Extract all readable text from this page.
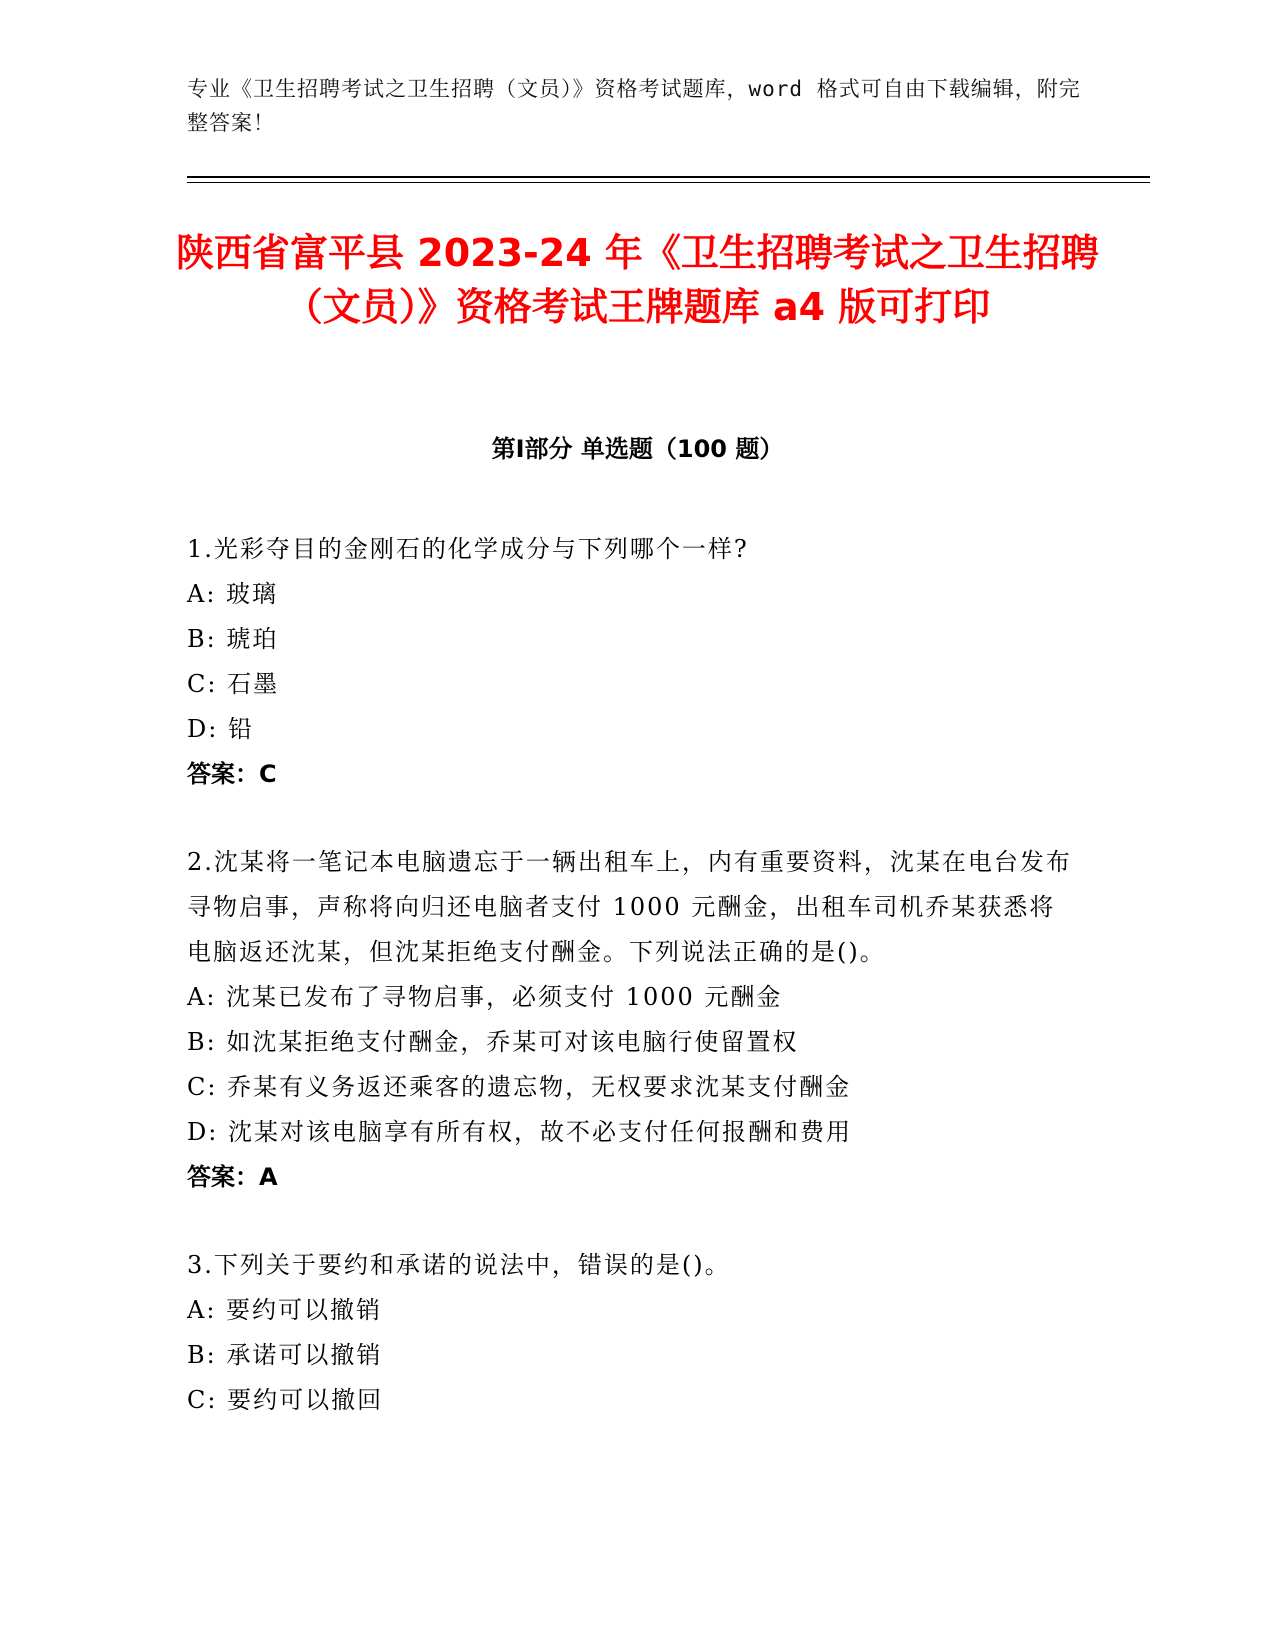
专业《卫生招聘考试之卫生招聘（文员）》资格考试题库，word 格式可自由下载编辑，附完整答案！
陕西省富平县 2023-24 年《卫生招聘考试之卫生招聘（文员）》资格考试王牌题库 a4 版可打印
第Ⅰ部分 单选题（100 题）

1.光彩夺目的金刚石的化学成分与下列哪个一样?

A: 玻璃

B: 琥珀

C: 石墨

D: 铅

答案：C

2.沈某将一笔记本电脑遗忘于一辆出租车上，内有重要资料，沈某在电台发布寻物启事，声称将向归还电脑者支付 1000 元酬金，出租车司机乔某获悉将电脑返还沈某，但沈某拒绝支付酬金。下列说法正确的是()。

A: 沈某已发布了寻物启事，必须支付 1000 元酬金

B: 如沈某拒绝支付酬金，乔某可对该电脑行使留置权

C: 乔某有义务返还乘客的遗忘物，无权要求沈某支付酬金

D: 沈某对该电脑享有所有权，故不必支付任何报酬和费用

答案：A

3.下列关于要约和承诺的说法中，错误的是()。

A: 要约可以撤销

B: 承诺可以撤销

C: 要约可以撤回
